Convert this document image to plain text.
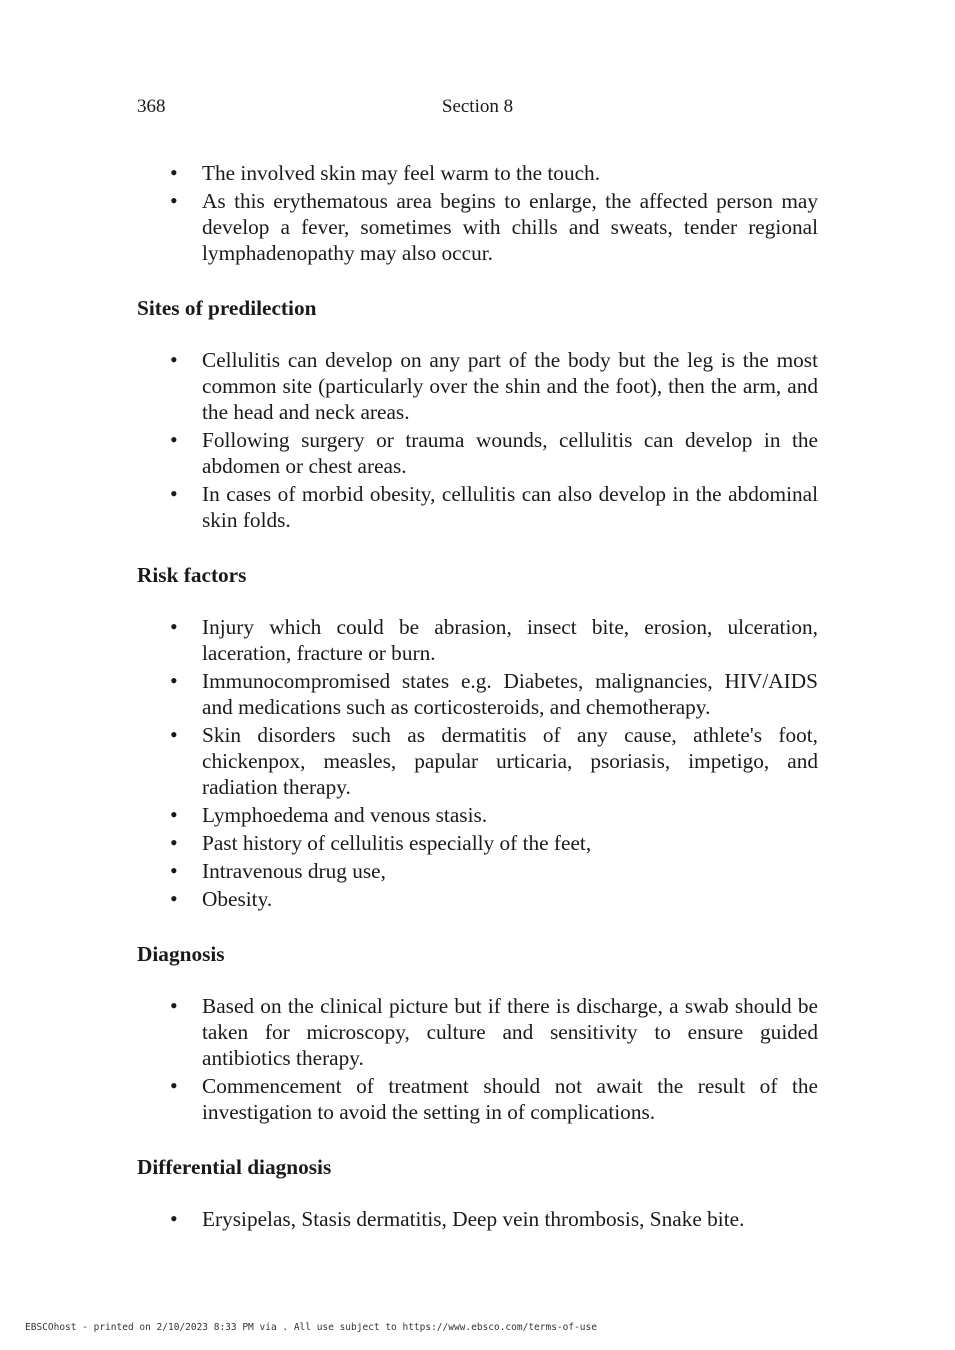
368	Section 8
• The involved skin may feel warm to the touch.
• As this erythematous area begins to enlarge, the affected person may develop a fever, sometimes with chills and sweats, tender regional lymphadenopathy may also occur.
Sites of predilection
• Cellulitis can develop on any part of the body but the leg is the most common site (particularly over the shin and the foot), then the arm, and the head and neck areas.
• Following surgery or trauma wounds, cellulitis can develop in the abdomen or chest areas.
• In cases of morbid obesity, cellulitis can also develop in the abdominal skin folds.
Risk factors
• Injury which could be abrasion, insect bite, erosion, ulceration, laceration, fracture or burn.
• Immunocompromised states e.g. Diabetes, malignancies, HIV/AIDS and medications such as corticosteroids, and chemotherapy.
• Skin disorders such as dermatitis of any cause, athlete's foot, chickenpox, measles, papular urticaria, psoriasis, impetigo, and radiation therapy.
• Lymphoedema and venous stasis.
• Past history of cellulitis especially of the feet,
• Intravenous drug use,
• Obesity.
Diagnosis
• Based on the clinical picture but if there is discharge, a swab should be taken for microscopy, culture and sensitivity to ensure guided antibiotics therapy.
• Commencement of treatment should not await the result of the investigation to avoid the setting in of complications.
Differential diagnosis
• Erysipelas, Stasis dermatitis, Deep vein thrombosis, Snake bite.
EBSCOhost - printed on 2/10/2023 8:33 PM via . All use subject to https://www.ebsco.com/terms-of-use
